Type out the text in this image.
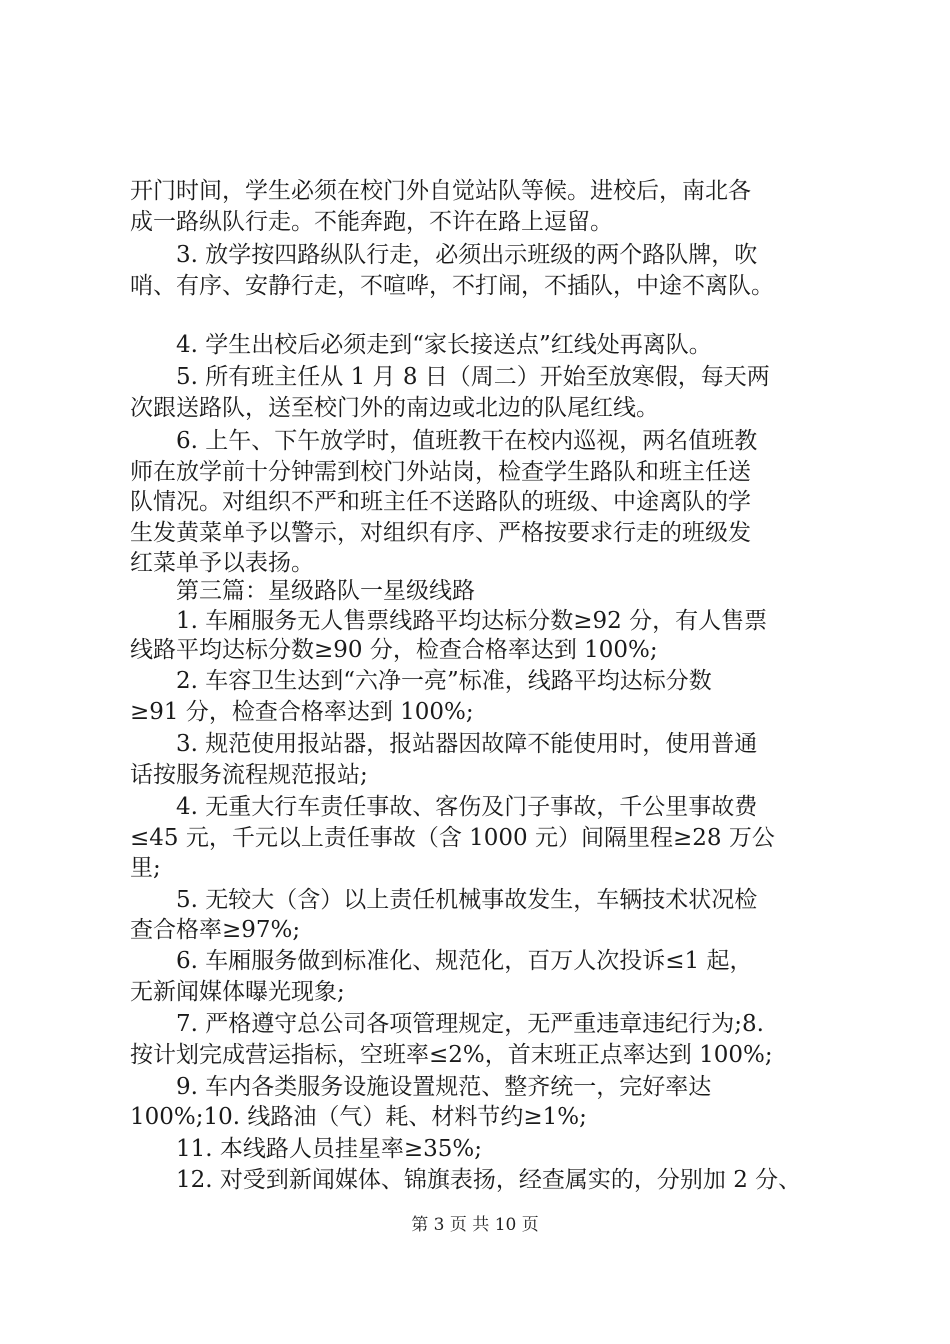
开门时间，学生必须在校门外自觉站队等候。进校后，南北各
成一路纵队行走。不能奔跑，不许在路上逗留。
　　3. 放学按四路纵队行走，必须出示班级的两个路队牌，吹
哨、有序、安静行走，不喧哗，不打闹，不插队，中途不离队。
　　4. 学生出校后必须走到“家长接送点”红线处再离队。
　　5. 所有班主任从 1 月 8 日（周二）开始至放寒假，每天两
次跟送路队，送至校门外的南边或北边的队尾红线。
　　6. 上午、下午放学时，值班教干在校内巡视，两名值班教
师在放学前十分钟需到校门外站岗，检查学生路队和班主任送
队情况。对组织不严和班主任不送路队的班级、中途离队的学
生发黄菜单予以警示，对组织有序、严格按要求行走的班级发
红菜单予以表扬。
　　第三篇：星级路队一星级线路
　　1. 车厢服务无人售票线路平均达标分数≥92 分，有人售票
线路平均达标分数≥90 分，检查合格率达到 100%;
　　2. 车容卫生达到“六净一亮”标准，线路平均达标分数
≥91 分，检查合格率达到 100%;
　　3. 规范使用报站器，报站器因故障不能使用时，使用普通
话按服务流程规范报站;
　　4. 无重大行车责任事故、客伤及门子事故，千公里事故费
≤45 元，千元以上责任事故（含 1000 元）间隔里程≥28 万公
里;
　　5. 无较大（含）以上责任机械事故发生，车辆技术状况检
查合格率≥97%;
　　6. 车厢服务做到标准化、规范化，百万人次投诉≤1 起，
无新闻媒体曝光现象;
　　7. 严格遵守总公司各项管理规定，无严重违章违纪行为;8.
按计划完成营运指标，空班率≤2%，首末班正点率达到 100%;
　　9. 车内各类服务设施设置规范、整齐统一，完好率达
100%;10. 线路油（气）耗、材料节约≥1%;
　　11. 本线路人员挂星率≥35%;
　　12. 对受到新闻媒体、锦旗表扬，经查属实的，分别加 2 分、
第 3 页 共 10 页
